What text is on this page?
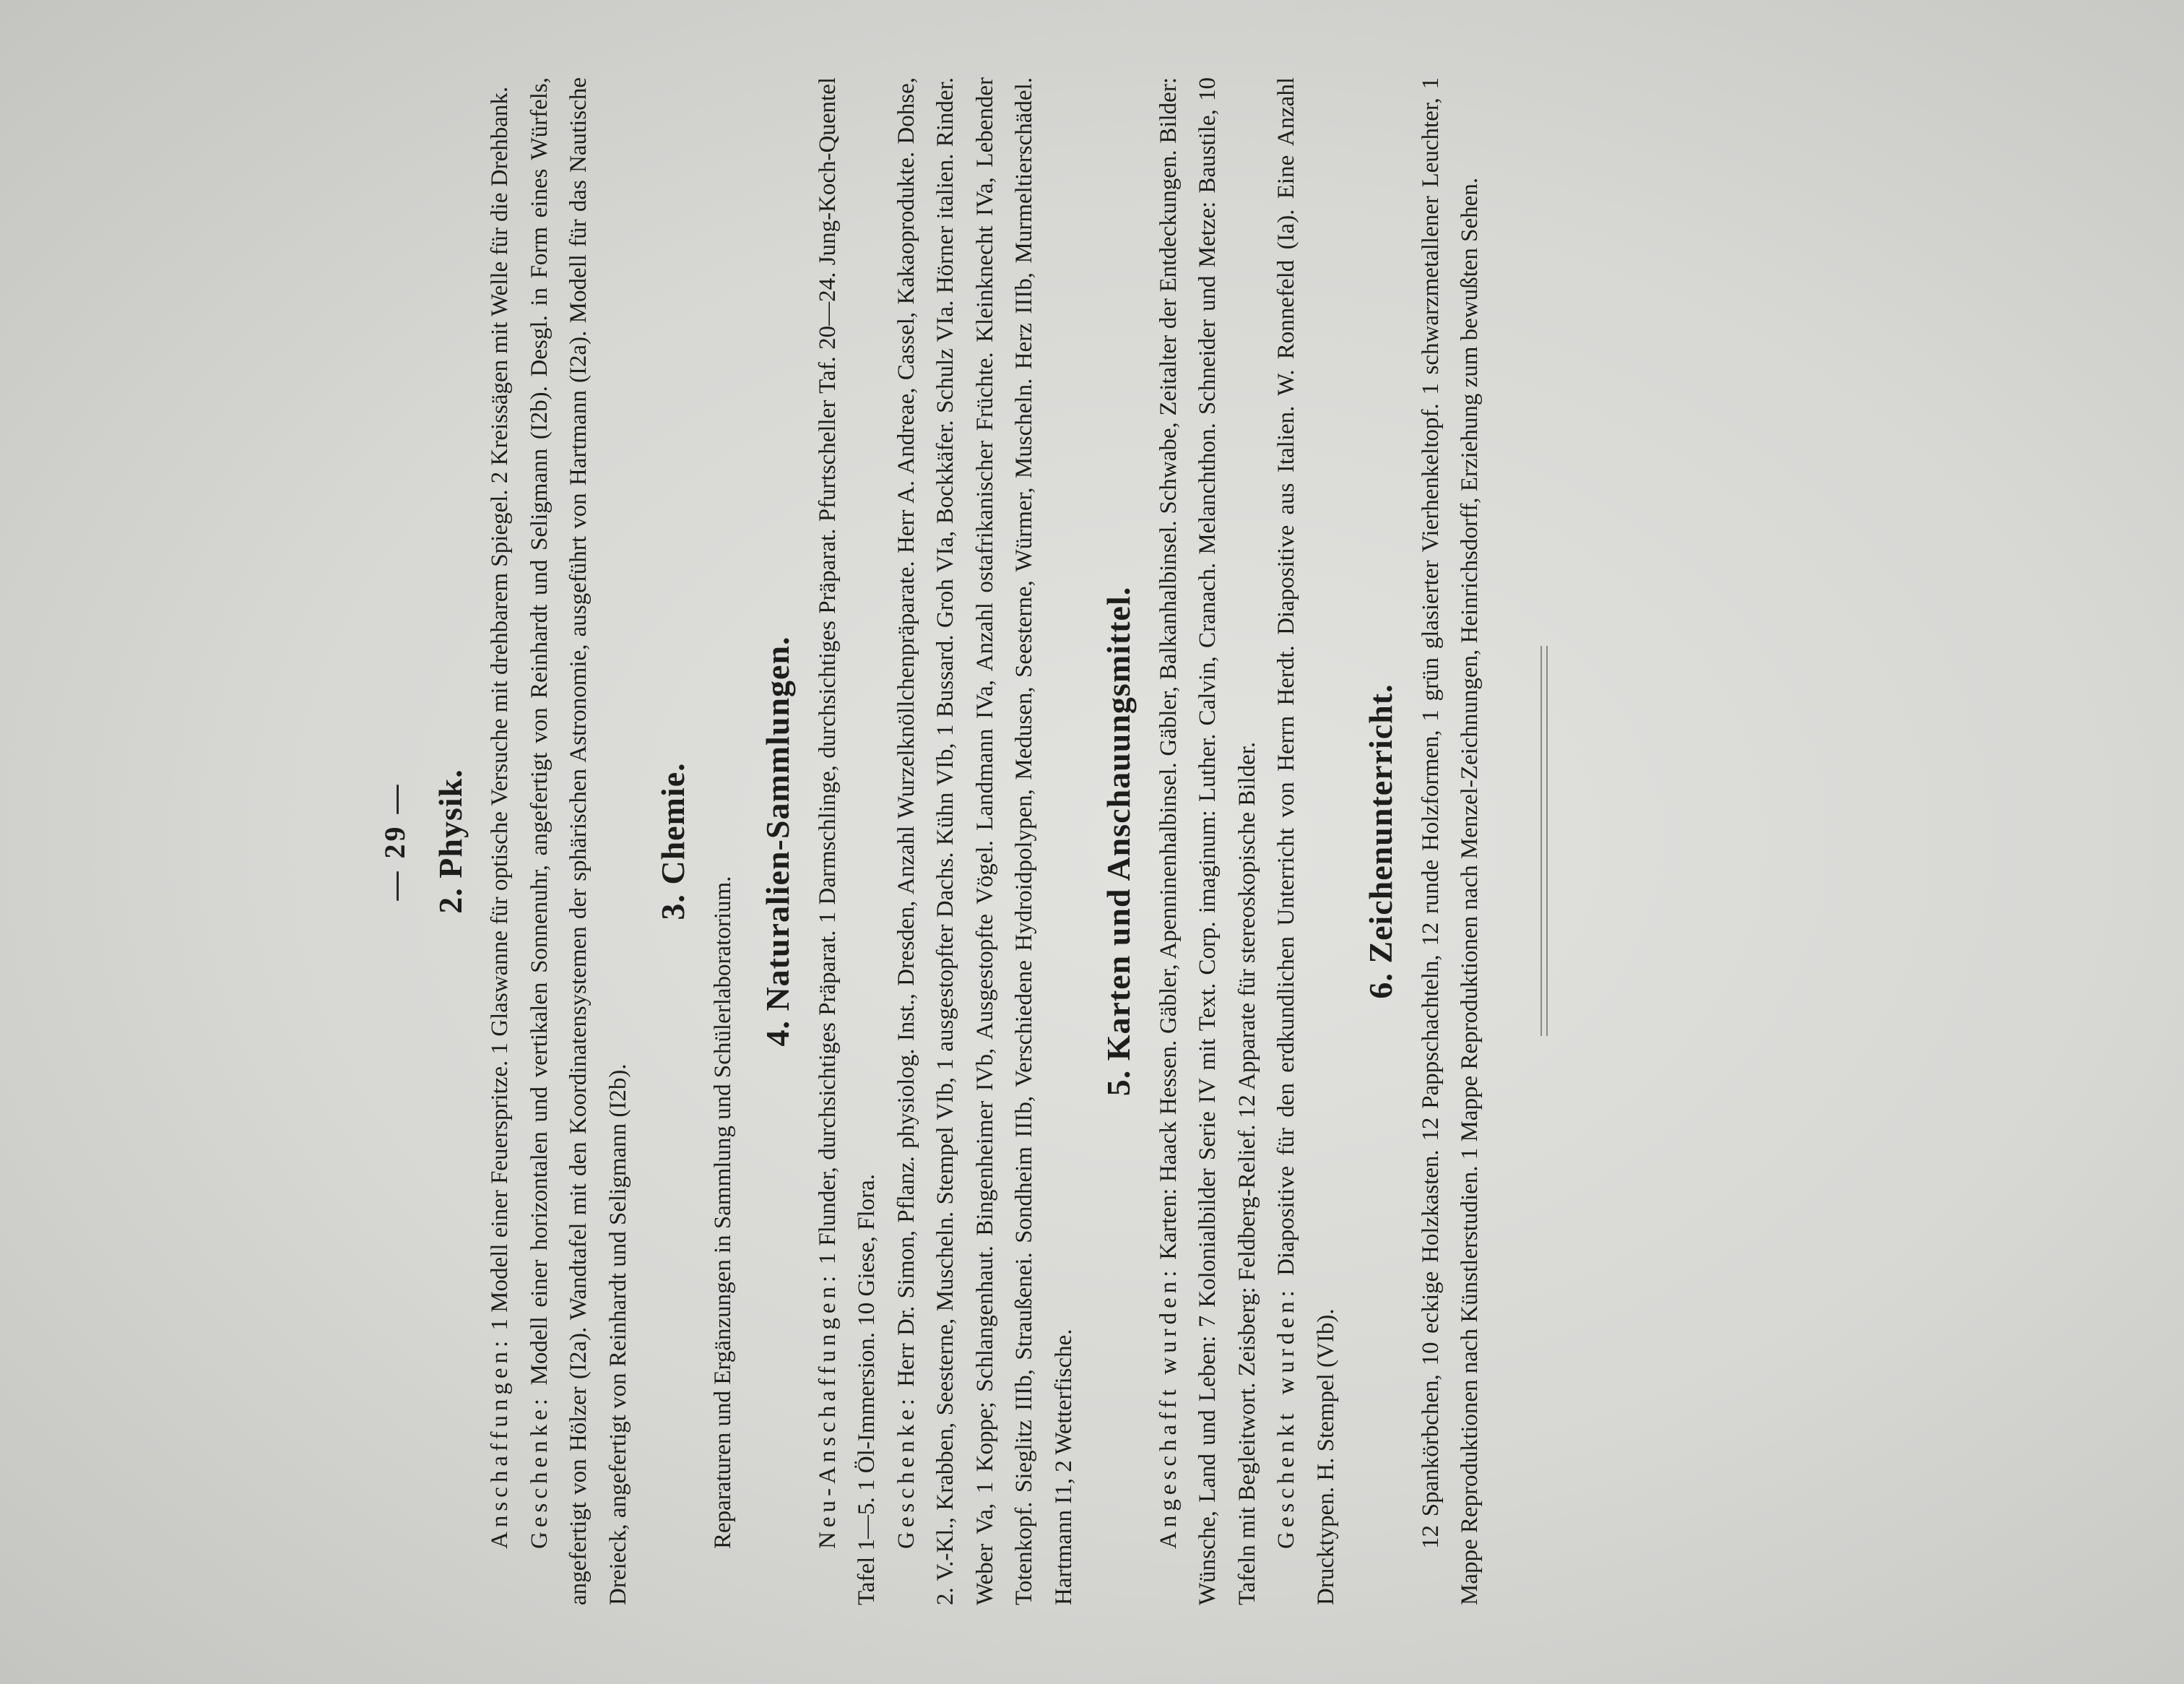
— 29 — 2. Physik.

Anschaffungen: 1 Modell einer Feuerspritze. 1 Glaswanne für optische Versuche mit drehbarem Spiegel. 2 Kreissägen mit Welle für die Drehbank.

Geschenke: Modell einer horizontalen und vertikalen Sonnenuhr, angefertigt von Reinhardt und Seligmann (I2b). Desgl. in Form eines Würfels, angefertigt von Hölzer (I2a). Wandtafel mit den Koordinatensystemen der sphärischen Astronomie, ausgeführt von Hartmann (I2a). Modell für das Nautische Dreieck, angefertigt von Reinhardt und Seligmann (I2b).

3. Chemie.

Reparaturen und Ergänzungen in Sammlung und Schülerlaboratorium.

4. Naturalien-Sammlungen.

Neu-Anschaffungen: 1 Flunder, durchsichtiges Präparat. 1 Darmschlinge, durchsichtiges Präparat. Pfurtscheller Taf. 20—24. Jung-Koch-Quentel Tafel 1—5. 1 Öl-Immersion. 10 Giese, Flora. Geschenke: Herr Dr. Simon, Pflanz. physiolog. Inst., Dresden, Anzahl Wurzelknöllchenpräparate. Herr A. Andreae, Cassel, Kakaoprodukte. Dohse, 2. V.-Kl., Krabben, Seesterne, Muscheln. Stempel VIb, 1 ausgestopfter Dachs. Kühn VIb, 1 Bussard. Groh VIa, Bockkäfer. Schulz VIa. Hörner italien. Rinder. Weber Va, 1 Koppe; Schlangenhaut. Bingenheimer IVb, Ausgestopfte Vögel. Landmann IVa, Anzahl ostafrikanischer Früchte. Kleinknecht IVa, Lebender Totenkopf. Sieglitz IIIb, Straußenei. Sondheim IIIb, Verschiedene Hydroidpolypen, Medusen, Seesterne, Würmer, Muscheln. Herz IIIb, Murmeltierschädel. Hartmann I1, 2 Wetterfische.

5. Karten und Anschauungsmittel.

Angeschafft wurden: Karten: Haack Hessen. Gäbler, Apenninenhalbinsel. Gäbler, Balkanhalbinsel. Schwabe, Zeitalter der Entdeckungen. Bilder: Wünsche, Land und Leben: 7 Kolonialbilder Serie IV mit Text. Corp. imaginum: Luther. Calvin, Cranach. Melanchthon. Schneider und Metze: Baustile, 10 Tafeln mit Begleitwort. Zeisberg: Feldberg-Relief. 12 Apparate für stereoskopische Bilder. Geschenkt wurden: Diapositive für den erdkundlichen Unterricht von Herrn Herdt. Diapositive aus Italien. W. Ronnefeld (Ia). Eine Anzahl Drucktypen. H. Stempel (VIb).

6. Zeichenunterricht. 12 Spankörbchen, 10 eckige Holzkasten. 12 Pappschachteln, 12 runde Holzformen, 1 grün glasierter Vierhenkeltopf. 1 schwarzmetallener Leuchter, 1 Mappe Reproduktionen nach Künstlerstudien. 1 Mappe Reproduktionen nach Menzel-Zeichnungen, Heinrichsdorff, Erziehung zum bewußten Sehen.
